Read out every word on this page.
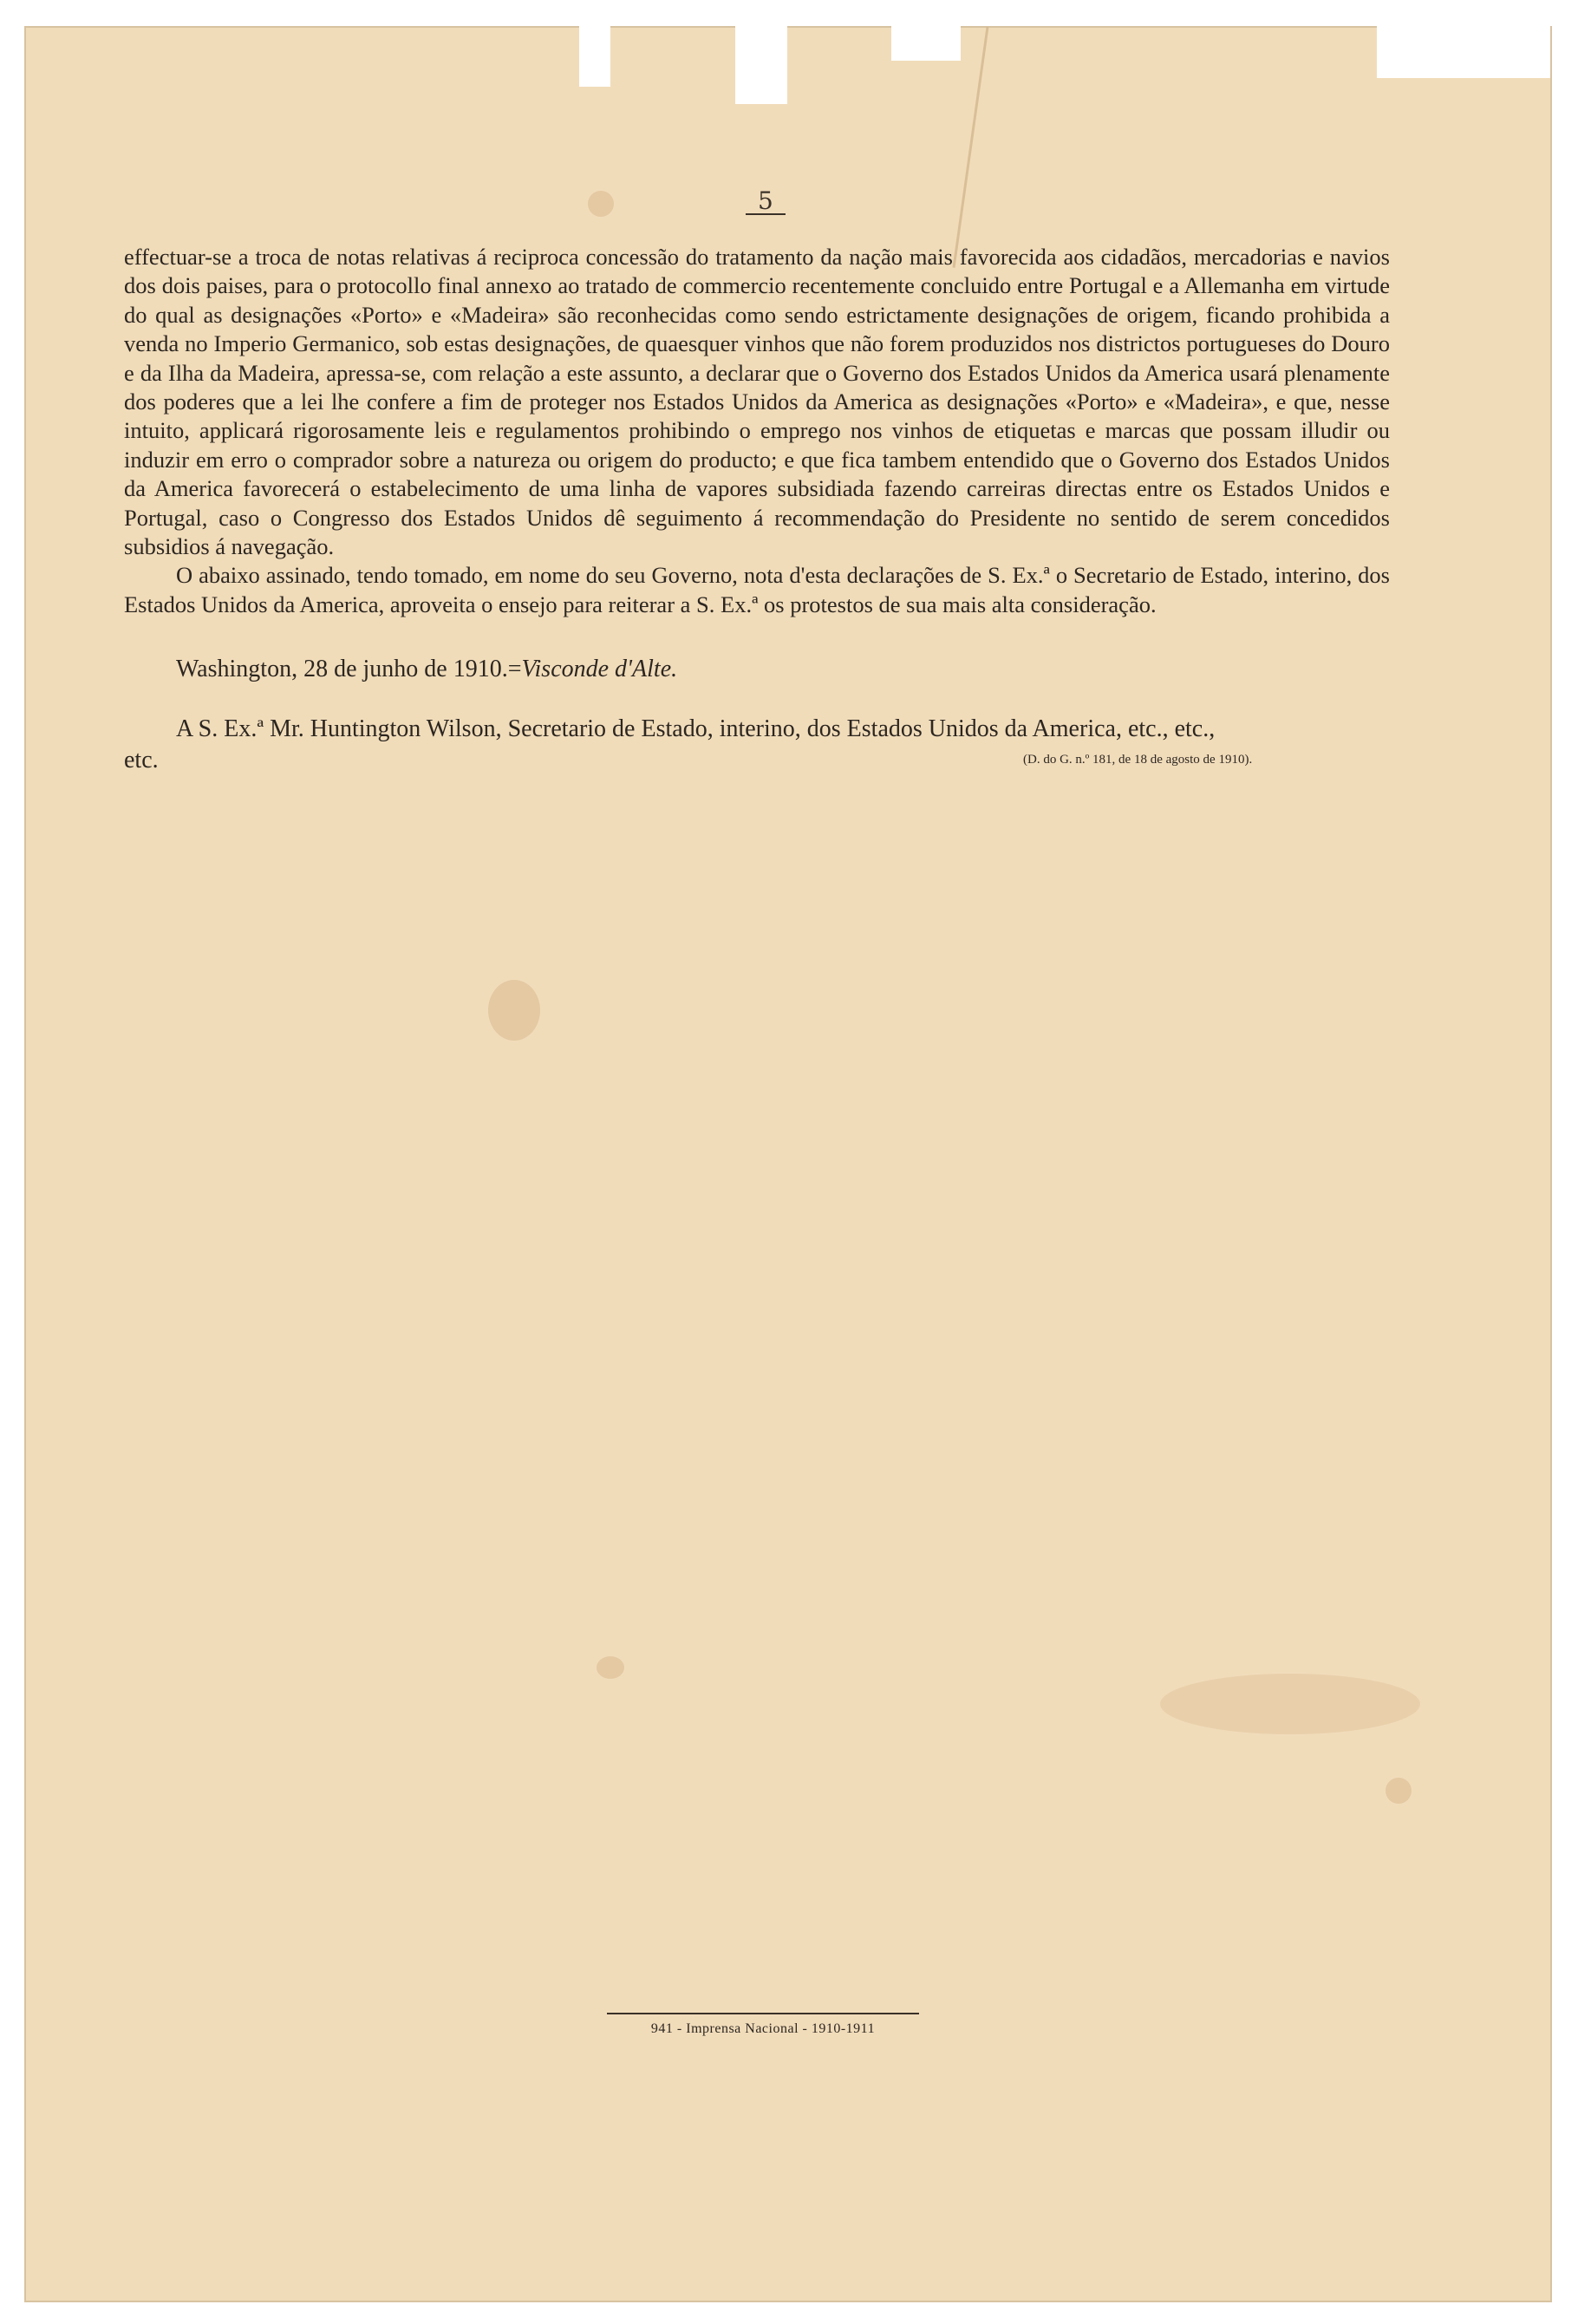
5

effectuar-se a troca de notas relativas á reciproca concessão do tratamento da nação mais favorecida aos cidadãos, mercadorias e navios dos dois paises, para o protocollo final annexo ao tratado de commercio recentemente concluido entre Portugal e a Allemanha em virtude do qual as designações «Porto» e «Madeira» são reconhecidas como sendo estrictamente designações de origem, ficando prohibida a venda no Imperio Germanico, sob estas designações, de quaesquer vinhos que não forem produzidos nos districtos portugueses do Douro e da Ilha da Madeira, apressa-se, com relação a este assunto, a declarar que o Governo dos Estados Unidos da America usará plenamente dos poderes que a lei lhe confere a fim de proteger nos Estados Unidos da America as designações «Porto» e «Madeira», e que, nesse intuito, applicará rigorosamente leis e regulamentos prohibindo o emprego nos vinhos de etiquetas e marcas que possam illudir ou induzir em erro o comprador sobre a natureza ou origem do producto; e que fica tambem entendido que o Governo dos Estados Unidos da America favorecerá o estabelecimento de uma linha de vapores subsidiada fazendo carreiras directas entre os Estados Unidos e Portugal, caso o Congresso dos Estados Unidos dê seguimento á recommendação do Presidente no sentido de serem concedidos subsidios á navegação.

O abaixo assinado, tendo tomado, em nome do seu Governo, nota d'esta declarações de S. Ex.ª o Secretario de Estado, interino, dos Estados Unidos da America, aproveita o ensejo para reiterar a S. Ex.ª os protestos de sua mais alta consideração.

Washington, 28 de junho de 1910.=Visconde d'Alte.
A S. Ex.ª Mr. Huntington Wilson, Secretario de Estado, interino, dos Estados Unidos da America, etc., etc.,
etc.	(D. do G. n.º 181, de 18 de agosto de 1910).
941 - Imprensa Nacional - 1910-1911
